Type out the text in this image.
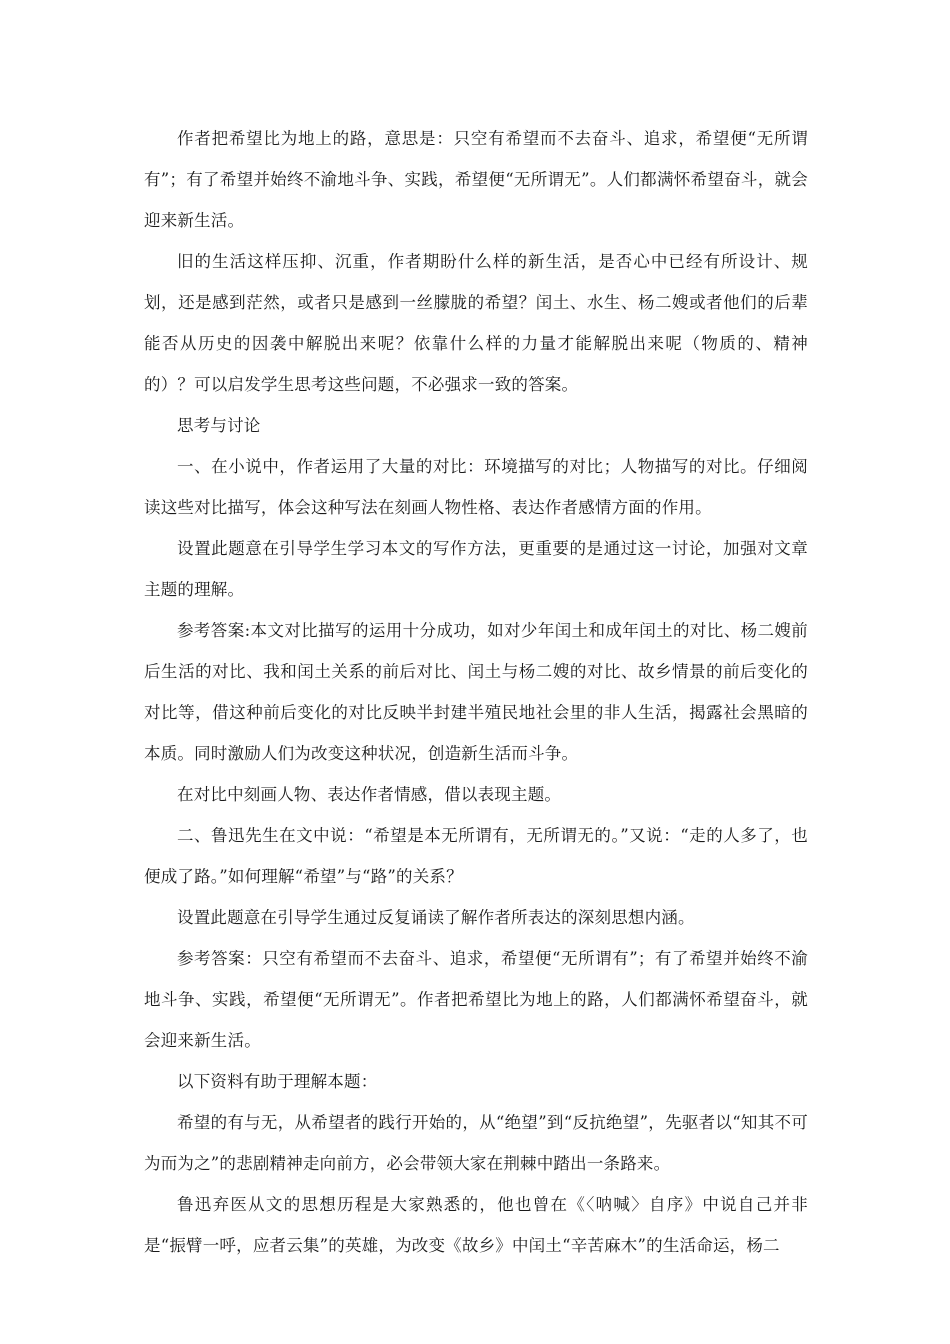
作者把希望比为地上的路，意思是：只空有希望而不去奋斗、追求，希望便“无所谓有”；有了希望并始终不渝地斗争、实践，希望便“无所谓无”。人们都满怀希望奋斗，就会迎来新生活。

旧的生活这样压抑、沉重，作者期盼什么样的新生活，是否心中已经有所设计、规划，还是感到茫然，或者只是感到一丝朦胧的希望？闰土、水生、杨二嫂或者他们的后辈能否从历史的因袭中解脱出来呢？依靠什么样的力量才能解脱出来呢（物质的、精神的）？可以启发学生思考这些问题，不必强求一致的答案。

思考与讨论

一、在小说中，作者运用了大量的对比：环境描写的对比；人物描写的对比。仔细阅读这些对比描写，体会这种写法在刻画人物性格、表达作者感情方面的作用。

设置此题意在引导学生学习本文的写作方法，更重要的是通过这一讨论，加强对文章主题的理解。

参考答案:本文对比描写的运用十分成功，如对少年闰土和成年闰土的对比、杨二嫂前后生活的对比、我和闰土关系的前后对比、闰土与杨二嫂的对比、故乡情景的前后变化的对比等，借这种前后变化的对比反映半封建半殖民地社会里的非人生活，揭露社会黑暗的本质。同时激励人们为改变这种状况，创造新生活而斗争。

在对比中刻画人物、表达作者情感，借以表现主题。

二、鲁迅先生在文中说：“希望是本无所谓有，无所谓无的。”又说：“走的人多了，也便成了路。”如何理解“希望”与“路”的关系？

设置此题意在引导学生通过反复诵读了解作者所表达的深刻思想内涵。

参考答案：只空有希望而不去奋斗、追求，希望便“无所谓有”；有了希望并始终不渝地斗争、实践，希望便“无所谓无”。作者把希望比为地上的路，人们都满怀希望奋斗，就会迎来新生活。

以下资料有助于理解本题：

希望的有与无，从希望者的践行开始的，从“绝望”到“反抗绝望”，先驱者以“知其不可为而为之”的悲剧精神走向前方，必会带领大家在荆棘中踏出一条路来。

鲁迅弃医从文的思想历程是大家熟悉的，他也曾在《〈呐喊〉自序》中说自己并非是“振臂一呼，应者云集”的英雄，为改变《故乡》中闰土“辛苦麻木”的生活命运，杨二
